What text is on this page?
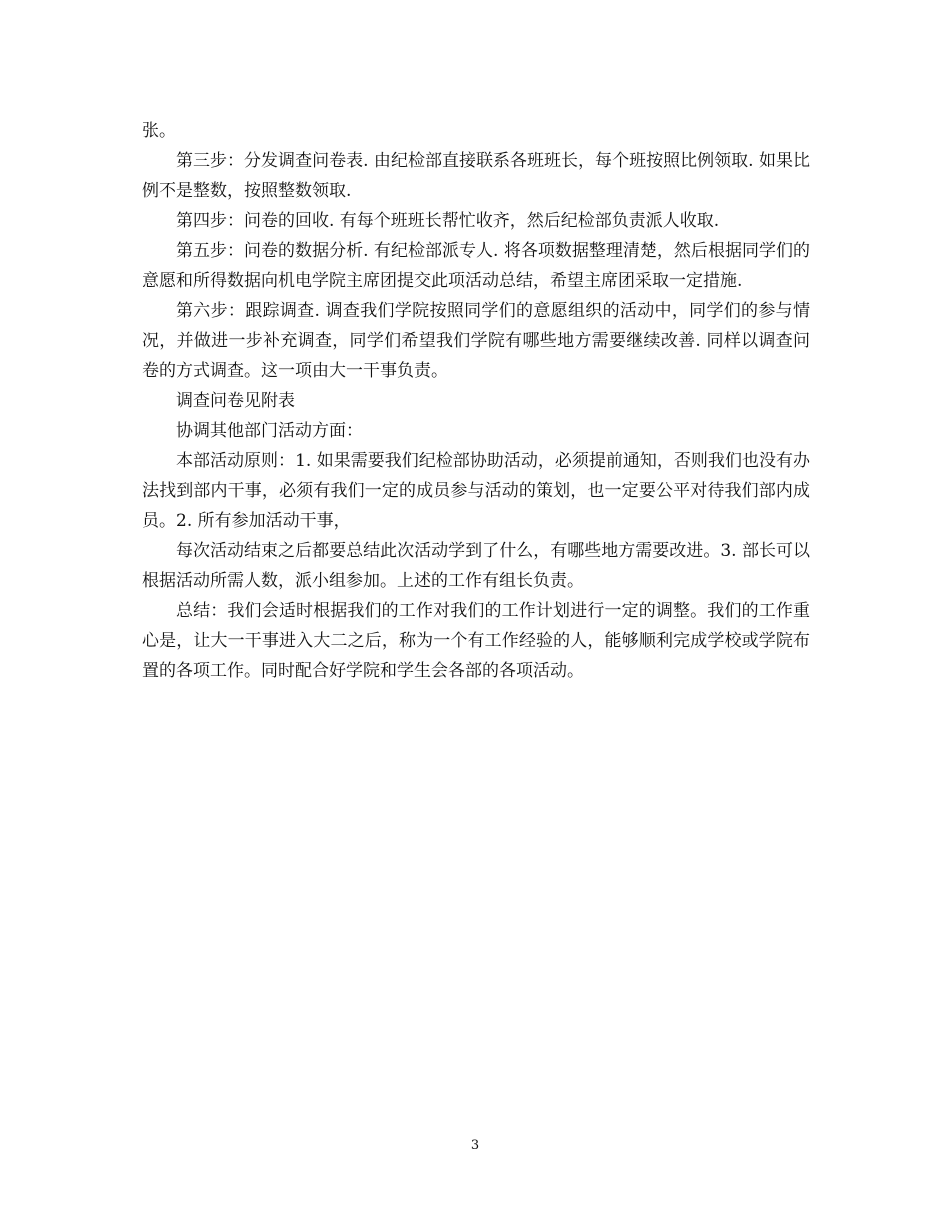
张。

第三步：分发调查问卷表. 由纪检部直接联系各班班长，每个班按照比例领取. 如果比例不是整数，按照整数领取.

第四步：问卷的回收. 有每个班班长帮忙收齐，然后纪检部负责派人收取.

第五步：问卷的数据分析. 有纪检部派专人. 将各项数据整理清楚，然后根据同学们的意愿和所得数据向机电学院主席团提交此项活动总结，希望主席团采取一定措施.

第六步：跟踪调查. 调查我们学院按照同学们的意愿组织的活动中，同学们的参与情况，并做进一步补充调查，同学们希望我们学院有哪些地方需要继续改善. 同样以调查问卷的方式调查。这一项由大一干事负责。

调查问卷见附表

协调其他部门活动方面：

本部活动原则：1. 如果需要我们纪检部协助活动，必须提前通知，否则我们也没有办法找到部内干事，必须有我们一定的成员参与活动的策划，也一定要公平对待我们部内成员。2. 所有参加活动干事，

每次活动结束之后都要总结此次活动学到了什么，有哪些地方需要改进。3. 部长可以根据活动所需人数，派小组参加。上述的工作有组长负责。

总结：我们会适时根据我们的工作对我们的工作计划进行一定的调整。我们的工作重心是，让大一干事进入大二之后，称为一个有工作经验的人，能够顺利完成学校或学院布置的各项工作。同时配合好学院和学生会各部的各项活动。

3
